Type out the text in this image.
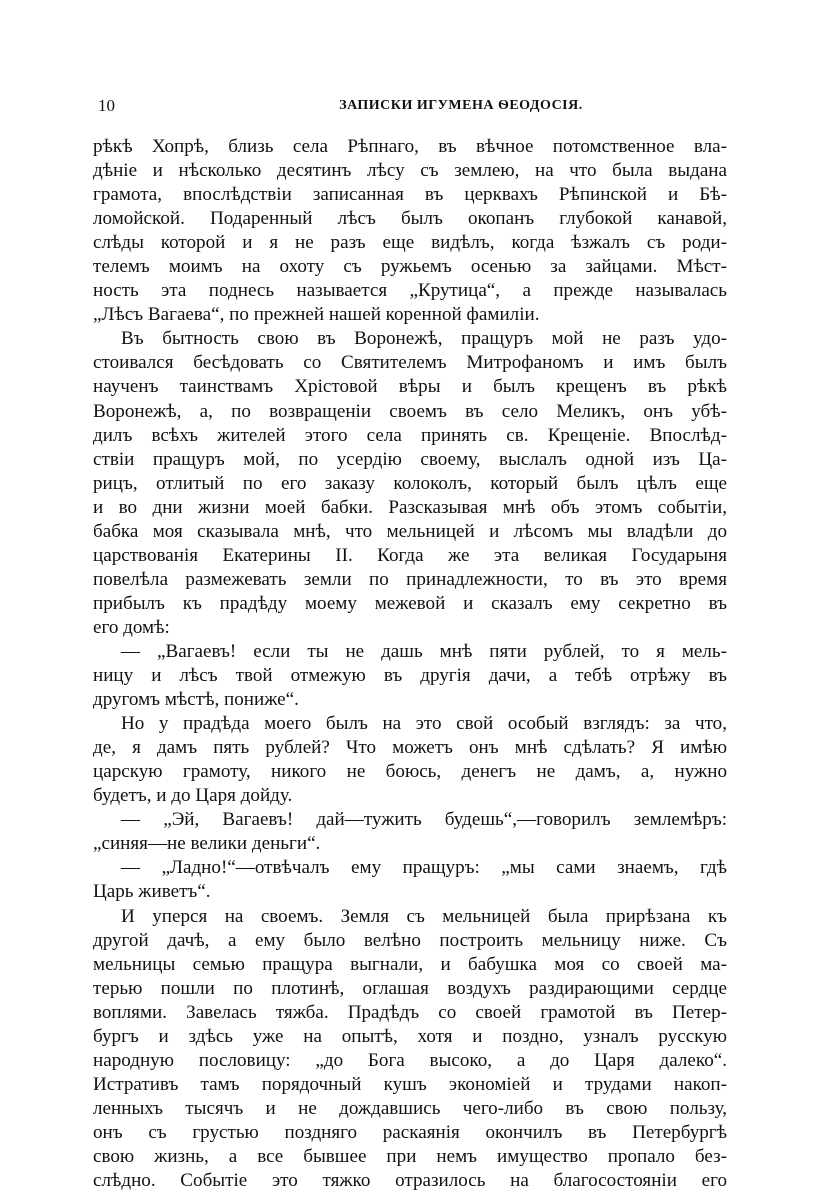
10	ЗАПИСКИ ИГУМЕНА ѲЕОДОСІЯ.

рѣкѣ Хопрѣ, близь села Рѣпнаго, въ вѣчное потомственное вла-

дѣніе и нѣсколько десятинъ лѣсу съ землею, на что была выдана

грамота, впослѣдствіи записанная въ церквахъ Рѣпинской и Бѣ-

ломойской. Подаренный лѣсъ былъ окопанъ глубокой канавой,

слѣды которой и я не разъ еще видѣлъ, когда ѣзжалъ съ роди-

телемъ моимъ на охоту съ ружьемъ осенью за зайцами. Мѣст-

ность эта поднесь называется „Крутица“, а прежде называлась

„Лѣсъ Вагаева“, по прежней нашей коренной фамиліи.

Въ бытность свою въ Воронежѣ, пращуръ мой не разъ удо-

стоивался бесѣдовать со Святителемъ Митрофаномъ и имъ былъ

наученъ таинствамъ Хрістовой вѣры и былъ крещенъ въ рѣкѣ

Воронежѣ, а, по возвращеніи своемъ въ село Меликъ, онъ убѣ-

дилъ всѣхъ жителей этого села принять св. Крещеніе. Впослѣд-

ствіи пращуръ мой, по усердію своему, выслалъ одной изъ Ца-

рицъ, отлитый по его заказу колоколъ, который былъ цѣлъ еще

и во дни жизни моей бабки. Разсказывая мнѣ объ этомъ событіи,

бабка моя сказывала мнѣ, что мельницей и лѣсомъ мы владѣли до

царствованія Екатерины II. Когда же эта великая Государыня

повелѣла размежевать земли по принадлежности, то въ это время

прибылъ къ прадѣду моему межевой и сказалъ ему секретно въ

его домѣ:

— „Вагаевъ! если ты не дашь мнѣ пяти рублей, то я мель-

ницу и лѣсъ твой отмежую въ другія дачи, а тебѣ отрѣжу въ

другомъ мѣстѣ, пониже“.

Но у прадѣда моего былъ на это свой особый взглядъ: за что,

де, я дамъ пять рублей? Что можетъ онъ мнѣ сдѣлать? Я имѣю

царскую грамоту, никого не боюсь, денегъ не дамъ, а, нужно

будетъ, и до Царя дойду.

— „Эй, Вагаевъ! дай—тужить будешь“,—говорилъ землемѣръ:

„синяя—не велики деньги“.

— „Ладно!“—отвѣчалъ ему пращуръ: „мы сами знаемъ, гдѣ

Царь живетъ“.

И уперся на своемъ. Земля съ мельницей была прирѣзана къ

другой дачѣ, а ему было велѣно построить мельницу ниже. Съ

мельницы семью пращура выгнали, и бабушка моя со своей ма-

терью пошли по плотинѣ, оглашая воздухъ раздирающими сердце

воплями. Завелась тяжба. Прадѣдъ со своей грамотой въ Петер-

бургъ и здѣсь уже на опытѣ, хотя и поздно, узналъ русскую

народную пословицу: „до Бога высоко, а до Царя далеко“.

Истративъ тамъ порядочный кушъ экономіей и трудами накоп-

ленныхъ тысячъ и не дождавшись чего-либо въ свою пользу,

онъ съ грустью поздняго раскаянія окончилъ въ Петербургѣ

свою жизнь, а все бывшее при немъ имущество пропало без-

слѣдно. Событіе это тяжко отразилось на благосостояніи его
